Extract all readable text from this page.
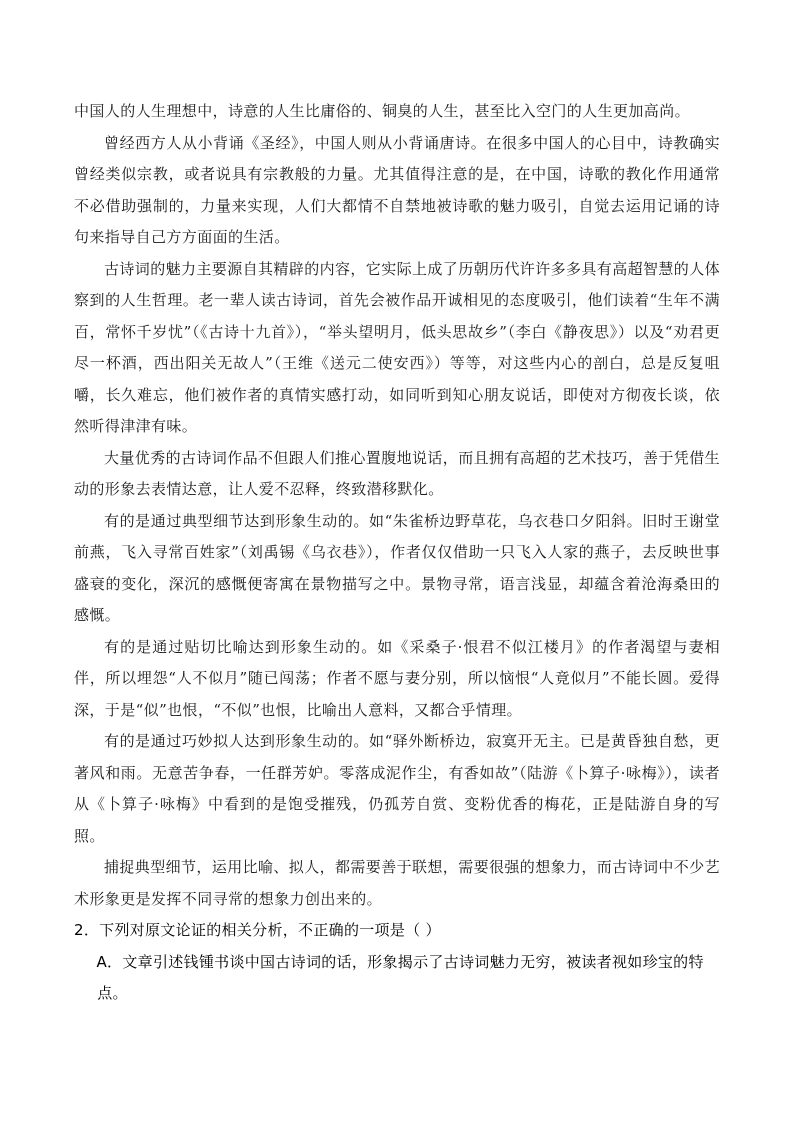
中国人的人生理想中，诗意的人生比庸俗的、铜臭的人生，甚至比入空门的人生更加高尚。

曾经西方人从小背诵《圣经》，中国人则从小背诵唐诗。在很多中国人的心目中，诗教确实曾经类似宗教，或者说具有宗教般的力量。尤其值得注意的是，在中国，诗歌的教化作用通常不必借助强制的，力量来实现，人们大都情不自禁地被诗歌的魅力吸引，自觉去运用记诵的诗句来指导自己方方面面的生活。

古诗词的魅力主要源自其精辟的内容，它实际上成了历朝历代许许多多具有高超智慧的人体察到的人生哲理。老一辈人读古诗词，首先会被作品开诚相见的态度吸引，他们读着“生年不满百，常怀千岁忧”（《古诗十九首》），“举头望明月，低头思故乡”（李白《静夜思》）以及“劝君更尽一杯酒，西出阳关无故人”（王维《送元二使安西》）等等，对这些内心的剖白，总是反复咀嚼，长久难忘，他们被作者的真情实感打动，如同听到知心朋友说话，即使对方彻夜长谈，依然听得津津有味。

大量优秀的古诗词作品不但跟人们推心置腹地说话，而且拥有高超的艺术技巧，善于凭借生动的形象去表情达意，让人爱不忍释，终致潜移默化。

有的是通过典型细节达到形象生动的。如“朱雀桥边野草花，乌衣巷口夕阳斜。旧时王谢堂前燕，飞入寻常百姓家”（刘禹锡《乌衣巷》），作者仅仅借助一只飞入人家的燕子，去反映世事盛衰的变化，深沉的感慨便寄寓在景物描写之中。景物寻常，语言浅显，却蕴含着沧海桑田的感慨。

有的是通过贴切比喻达到形象生动的。如《采桑子·恨君不似江楼月》的作者渴望与妻相伴，所以埋怨“人不似月”随已闯荡；作者不愿与妻分别，所以恼恨“人竟似月”不能长圆。爱得深，于是“似”也恨，“不似”也恨，比喻出人意料，又都合乎情理。

有的是通过巧妙拟人达到形象生动的。如“驿外断桥边，寂寞开无主。已是黄昏独自愁，更著风和雨。无意苦争春，一任群芳妒。零落成泥作尘，有香如故”（陆游《卜算子·咏梅》），读者从《卜算子·咏梅》中看到的是饱受摧残，仍孤芳自赏、变粉优香的梅花，正是陆游自身的写照。

捕捉典型细节，运用比喻、拟人，都需要善于联想，需要很强的想象力，而古诗词中不少艺术形象更是发挥不同寻常的想象力创出来的。

2．下列对原文论证的相关分析，不正确的一项是（ ）

A．文章引述钱锺书谈中国古诗词的话，形象揭示了古诗词魅力无穷，被读者视如珍宝的特点。
